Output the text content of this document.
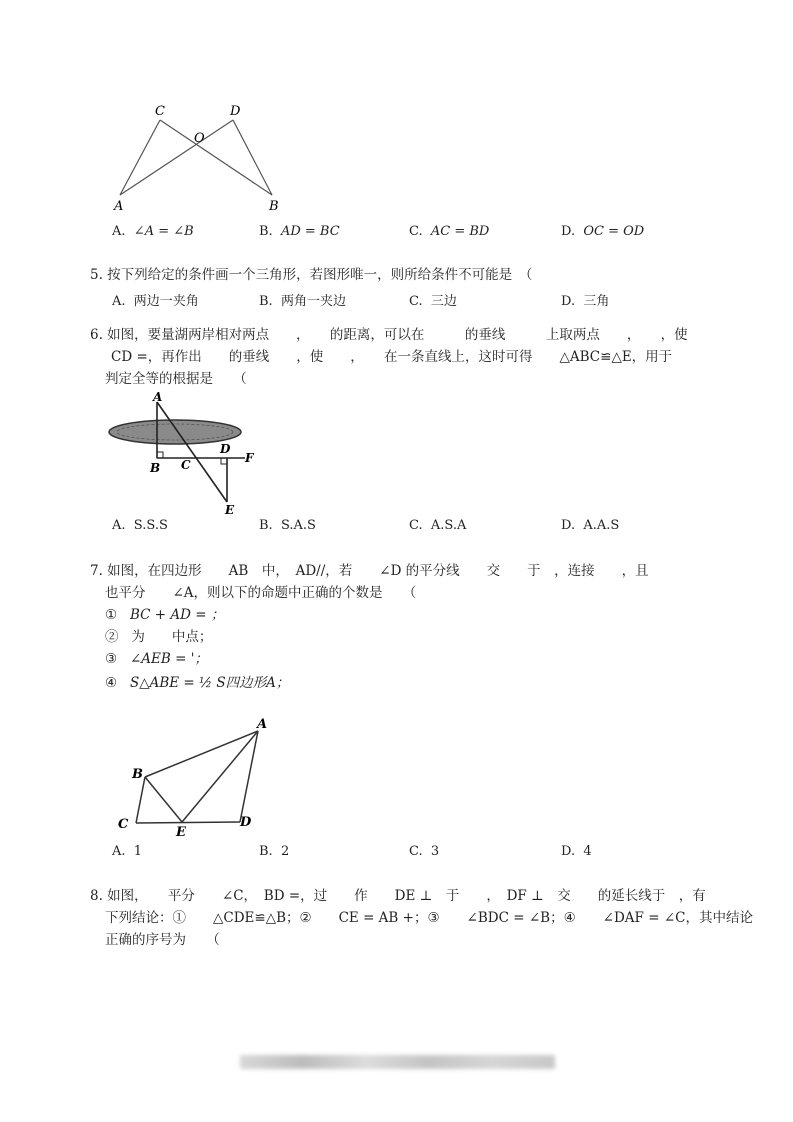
C	D
O
A	B
A. ∠A = ∠B	B. AD = BC	C. AC = BD	D. OC = OD
5. 按下列给定的条件画一个三角形，若图形唯一，则所给条件不可能是　（
A. 两边一夹角	B. 两角一夹边	C. 三边	D. 三角
6. 如图，要量湖两岸相对两点　　，　　的距离，可以在　　　的垂线　　　上取两点　　，　　，使
CD =，再作出　　的垂线　　，使　　，　　在一条直线上，这时可得　　△ABC≌△E，用于
判定全等的根据是　　（
A
B C
D
F
E
A. S.S.S	B. S.A.S	C. A.S.A	D. A.A.S
7. 如图，在四边形　　AB　中，　AD//，若　　∠D 的平分线　　交　　于　，连接　　，且
也平分　　∠A，则以下的命题中正确的个数是　　（
① BC + AD = ；
② 为　　中点；
③ ∠AEB = '；
④ S△ABE = ½ S四边形A；
A
B
C
E
D
A. 1	B. 2	C. 3	D. 4
8. 如图，　　平分　　∠C，　BD =，过　　作　　DE ⊥　于　　，　DF ⊥　交　　的延长线于　，有
下列结论：①　　△CDE≌△B；②　　CE = AB +；③　　∠BDC = ∠B；④　　∠DAF = ∠C，其中结论
正确的序号为　　（
